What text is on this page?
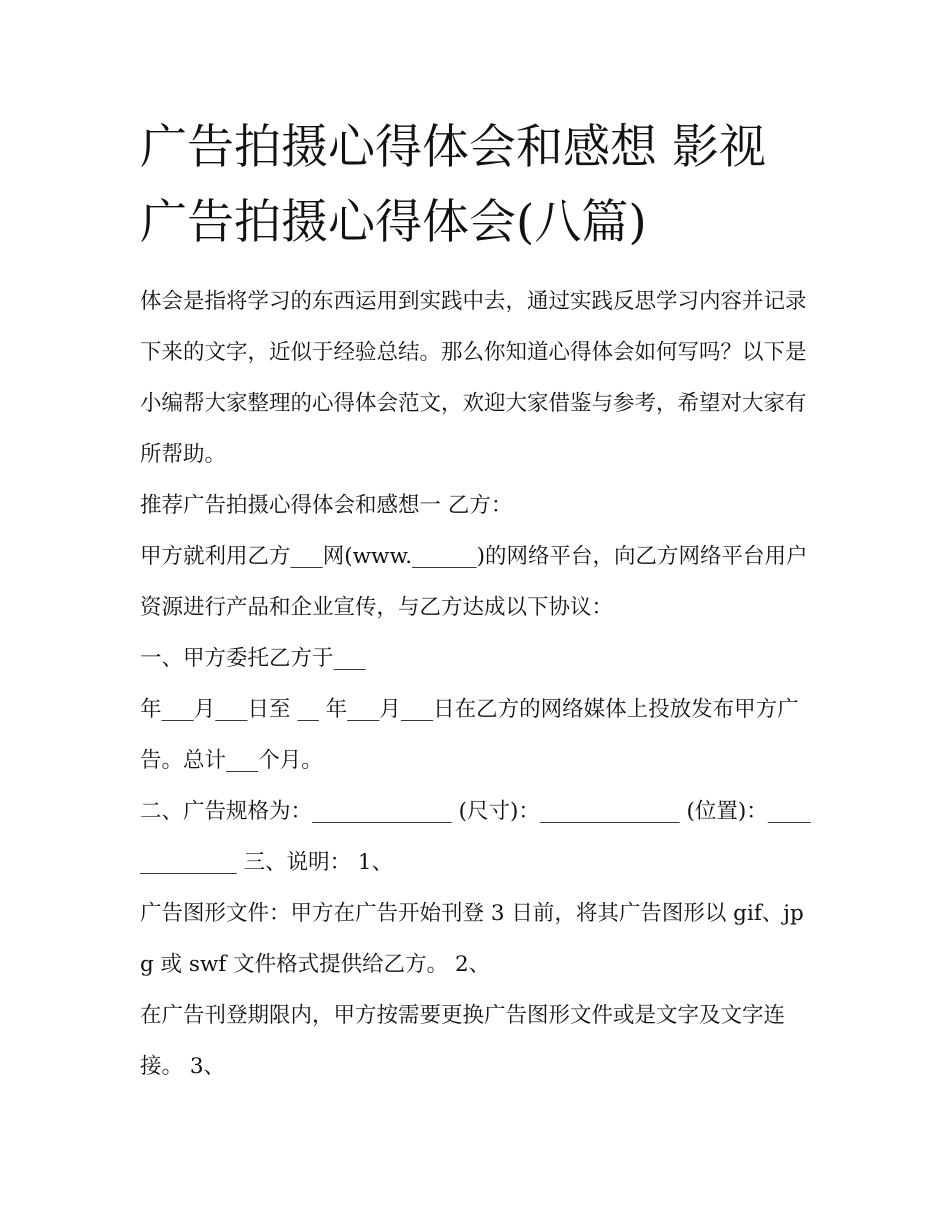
广告拍摄心得体会和感想 影视广告拍摄心得体会(八篇)

体会是指将学习的东西运用到实践中去，通过实践反思学习内容并记录下来的文字，近似于经验总结。那么你知道心得体会如何写吗？以下是小编帮大家整理的心得体会范文，欢迎大家借鉴与参考，希望对大家有所帮助。

推荐广告拍摄心得体会和感想一 乙方：

甲方就利用乙方___网(www.______)的网络平台，向乙方网络平台用户资源进行产品和企业宣传，与乙方达成以下协议：

一、甲方委托乙方于___

年___月___日至 __ 年___月___日在乙方的网络媒体上投放发布甲方广告。总计___个月。

二、广告规格为：_____________ (尺寸)：_____________ (位置)：_____________ 三、说明： 1、

广告图形文件：甲方在广告开始刊登 3 日前，将其广告图形以 gif、jpg 或 swf 文件格式提供给乙方。 2、

在广告刊登期限内，甲方按需要更换广告图形文件或是文字及文字连接。 3、
